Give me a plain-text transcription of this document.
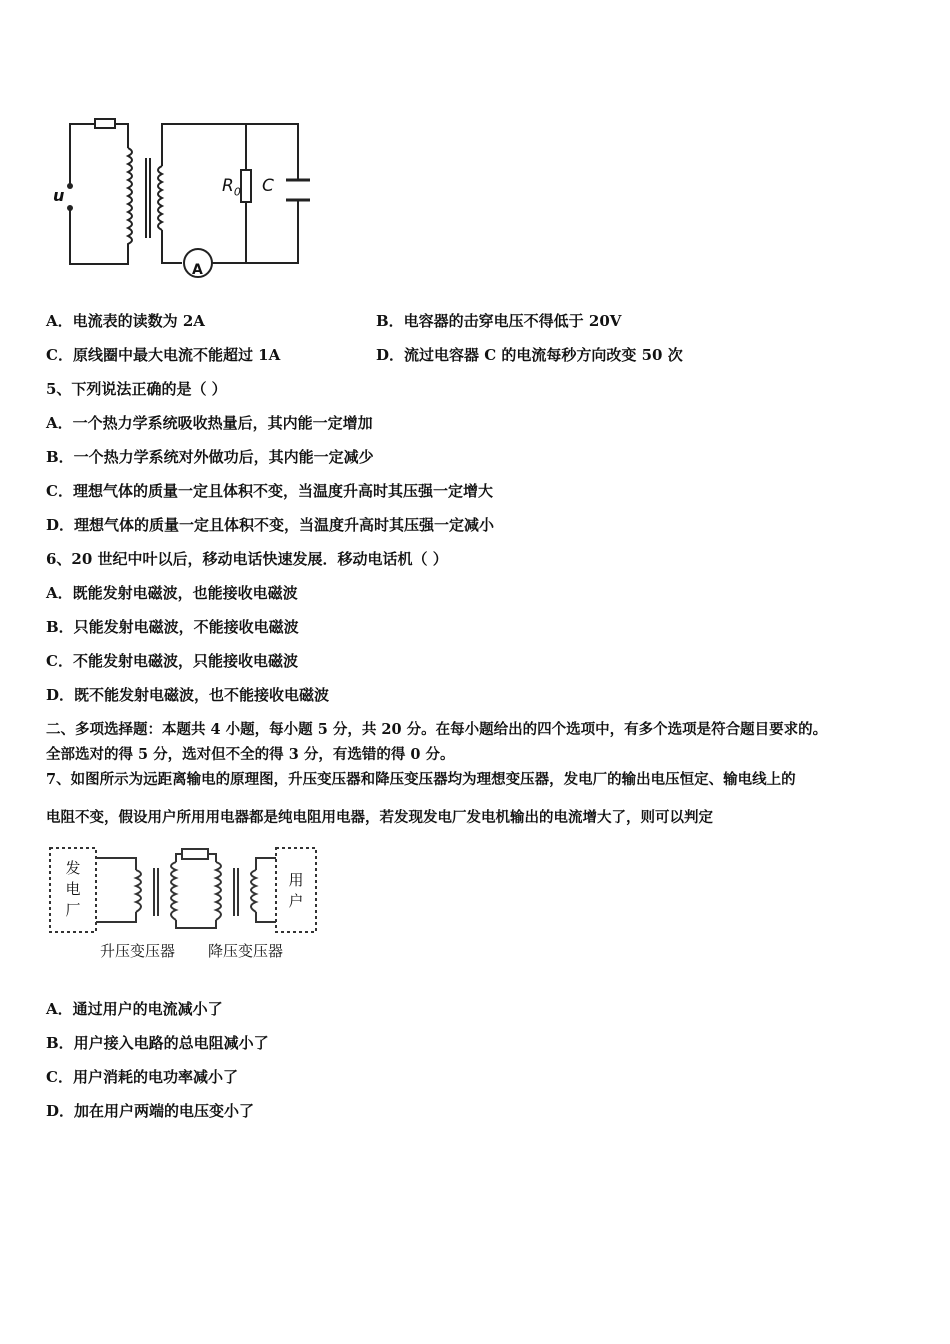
u	$R_0$ C
A
A．电流表的读数为 2A	B．电容器的击穿电压不得低于 20V
C．原线圈中最大电流不能超过 1A	D．流过电容器 C 的电流每秒方向改变 50 次
5、下列说法正确的是（ ）
A．一个热力学系统吸收热量后，其内能一定增加
B．一个热力学系统对外做功后，其内能一定减少
C．理想气体的质量一定且体积不变，当温度升高时其压强一定增大
D．理想气体的质量一定且体积不变，当温度升高时其压强一定减小
6、20 世纪中叶以后，移动电话快速发展．移动电话机（ ）
A．既能发射电磁波，也能接收电磁波
B．只能发射电磁波，不能接收电磁波
C．不能发射电磁波，只能接收电磁波
D．既不能发射电磁波，也不能接收电磁波
二、多项选择题：本题共 4 小题，每小题 5 分，共 20 分。在每小题给出的四个选项中，有多个选项是符合题目要求的。
全部选对的得 5 分，选对但不全的得 3 分，有选错的得 0 分。
7、如图所示为远距离输电的原理图，升压变压器和降压变压器均为理想变压器，发电厂的输出电压恒定、输电线上的
电阻不变，假设用户所用用电器都是纯电阻用电器，若发现发电厂发电机输出的电流增大了，则可以判定
发
电
厂
用
户
升压变压器 降压变压器
A．通过用户的电流减小了
B．用户接入电路的总电阻减小了
C．用户消耗的电功率减小了
D．加在用户两端的电压变小了
